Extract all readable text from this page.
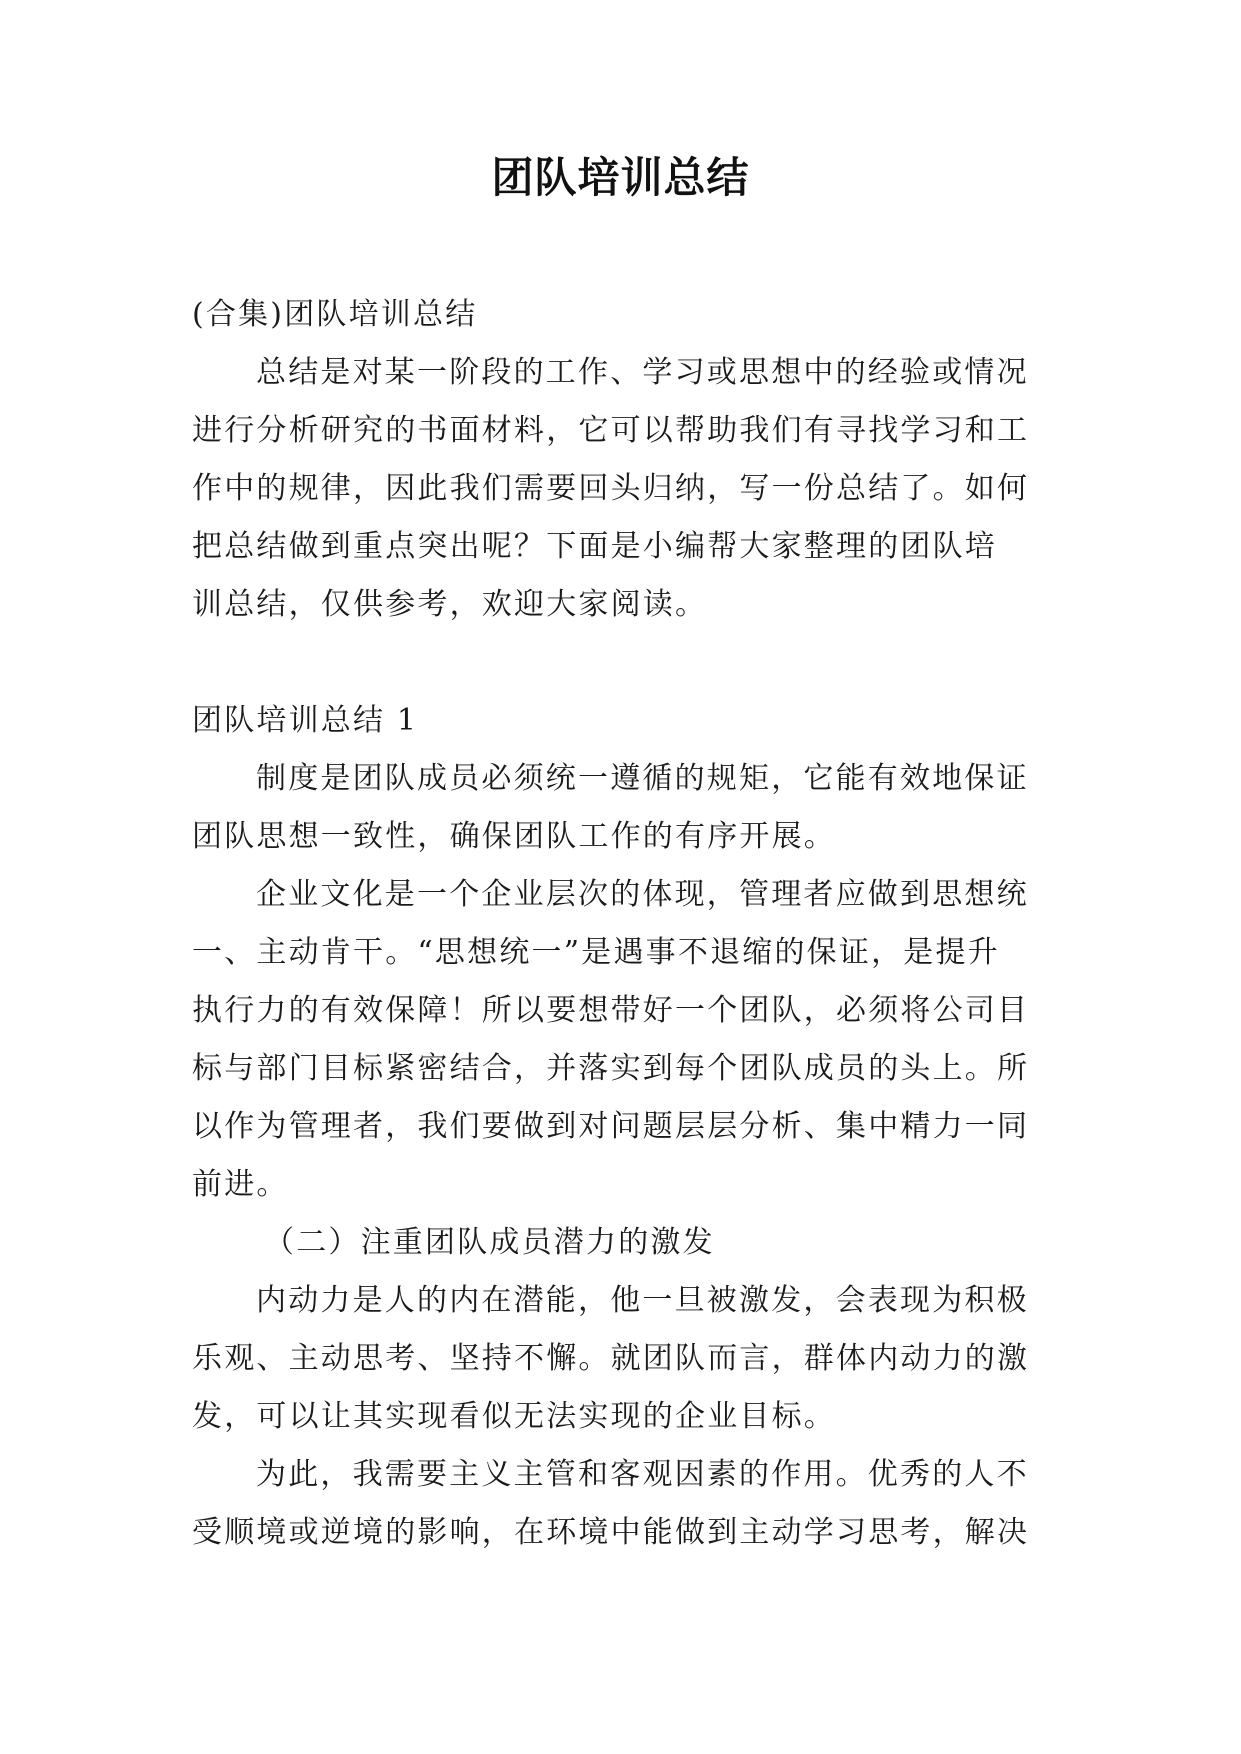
团队培训总结
(合集)团队培训总结
总结是对某一阶段的工作、学习或思想中的经验或情况
进行分析研究的书面材料，它可以帮助我们有寻找学习和工
作中的规律，因此我们需要回头归纳，写一份总结了。如何
把总结做到重点突出呢？下面是小编帮大家整理的团队培
训总结，仅供参考，欢迎大家阅读。
团队培训总结 1
制度是团队成员必须统一遵循的规矩，它能有效地保证
团队思想一致性，确保团队工作的有序开展。
企业文化是一个企业层次的体现，管理者应做到思想统
一、主动肯干。“思想统一”是遇事不退缩的保证，是提升
执行力的有效保障！所以要想带好一个团队，必须将公司目
标与部门目标紧密结合，并落实到每个团队成员的头上。所
以作为管理者，我们要做到对问题层层分析、集中精力一同
前进。
（二）注重团队成员潜力的激发
内动力是人的内在潜能，他一旦被激发，会表现为积极
乐观、主动思考、坚持不懈。就团队而言，群体内动力的激
发，可以让其实现看似无法实现的企业目标。
为此，我需要主义主管和客观因素的作用。优秀的人不
受顺境或逆境的影响，在环境中能做到主动学习思考，解决
